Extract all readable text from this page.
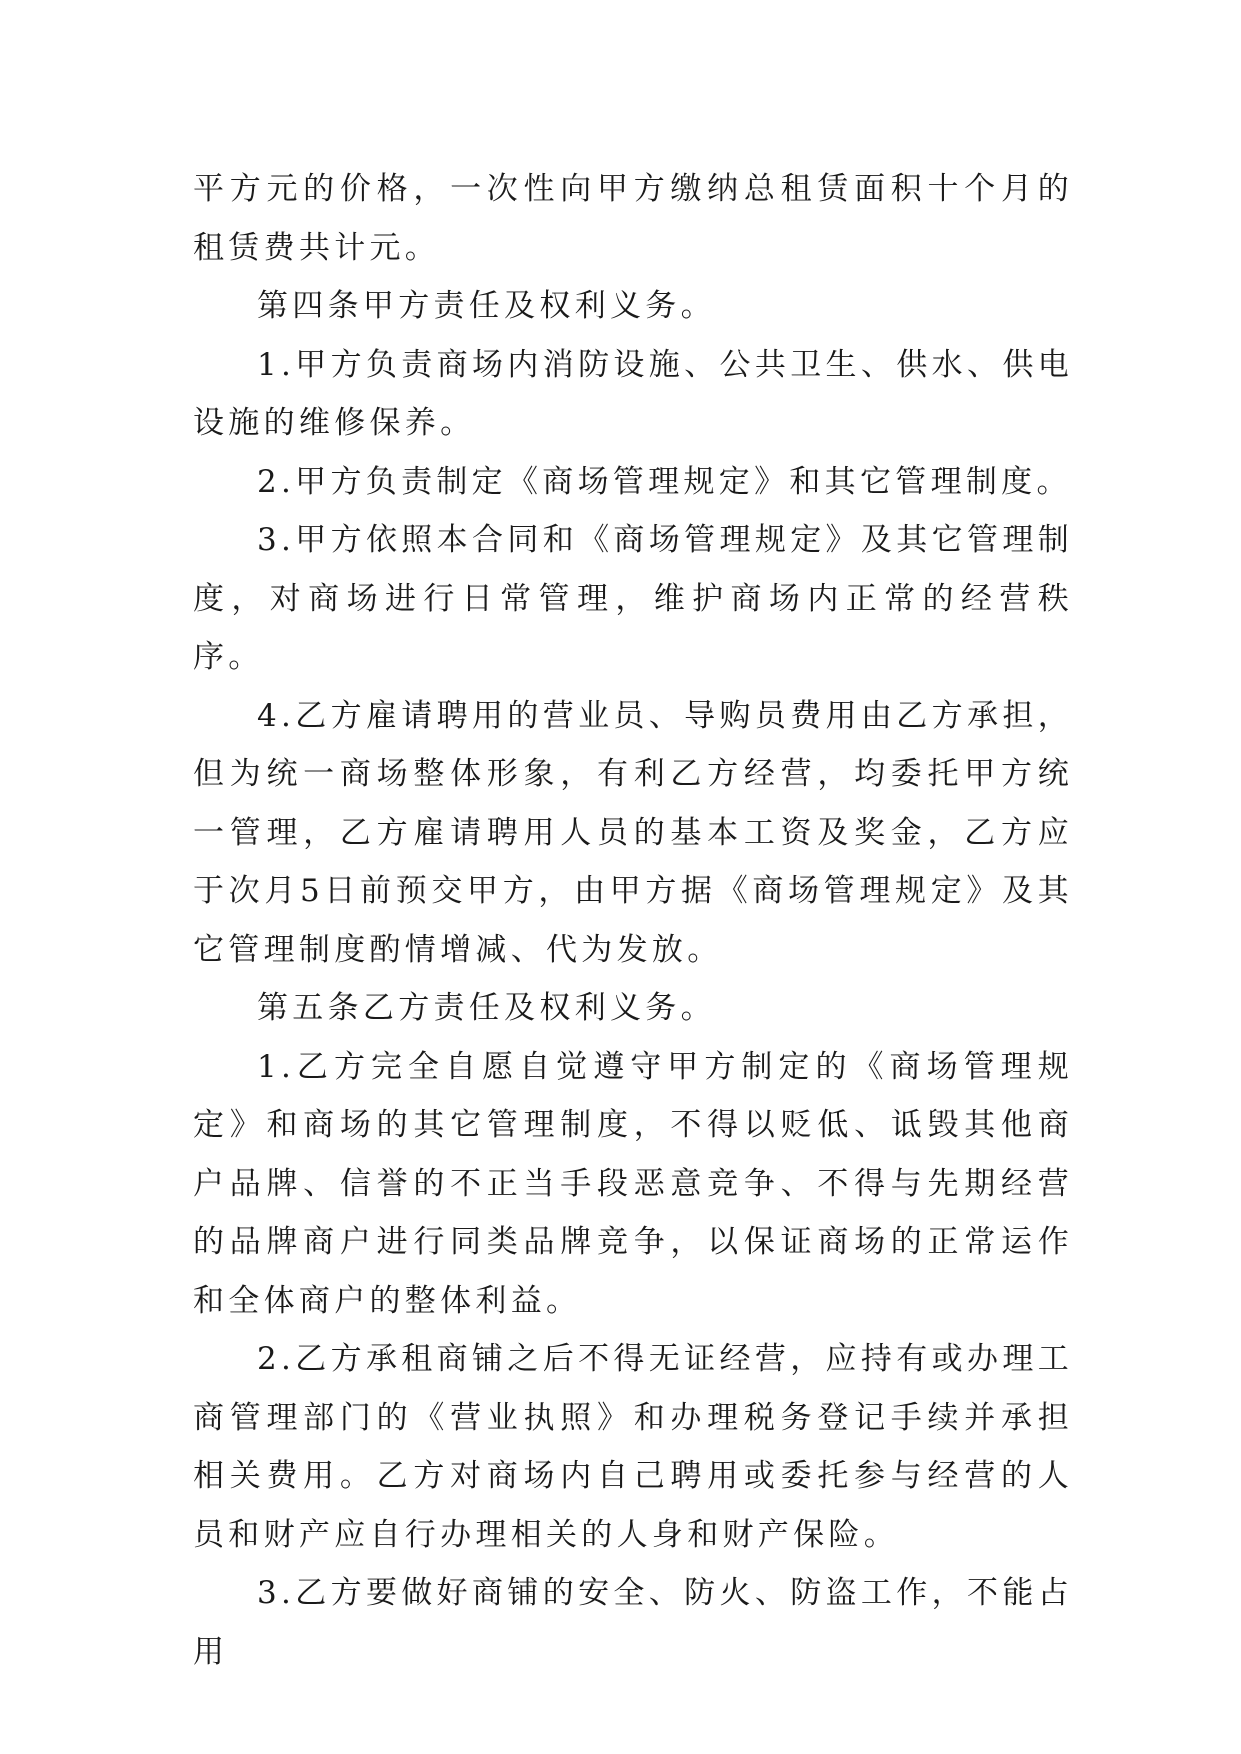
平方元的价格，一次性向甲方缴纳总租赁面积十个月的租赁费共计元。

第四条甲方责任及权利义务。

1.甲方负责商场内消防设施、公共卫生、供水、供电设施的维修保养。

2.甲方负责制定《商场管理规定》和其它管理制度。

3.甲方依照本合同和《商场管理规定》及其它管理制度，对商场进行日常管理，维护商场内正常的经营秩序。

4.乙方雇请聘用的营业员、导购员费用由乙方承担，但为统一商场整体形象，有利乙方经营，均委托甲方统一管理，乙方雇请聘用人员的基本工资及奖金，乙方应于次月5日前预交甲方，由甲方据《商场管理规定》及其它管理制度酌情增减、代为发放。

第五条乙方责任及权利义务。

1.乙方完全自愿自觉遵守甲方制定的《商场管理规定》和商场的其它管理制度，不得以贬低、诋毁其他商户品牌、信誉的不正当手段恶意竞争、不得与先期经营的品牌商户进行同类品牌竞争，以保证商场的正常运作和全体商户的整体利益。

2.乙方承租商铺之后不得无证经营，应持有或办理工商管理部门的《营业执照》和办理税务登记手续并承担相关费用。乙方对商场内自己聘用或委托参与经营的人员和财产应自行办理相关的人身和财产保险。

3.乙方要做好商铺的安全、防火、防盗工作，不能占用
